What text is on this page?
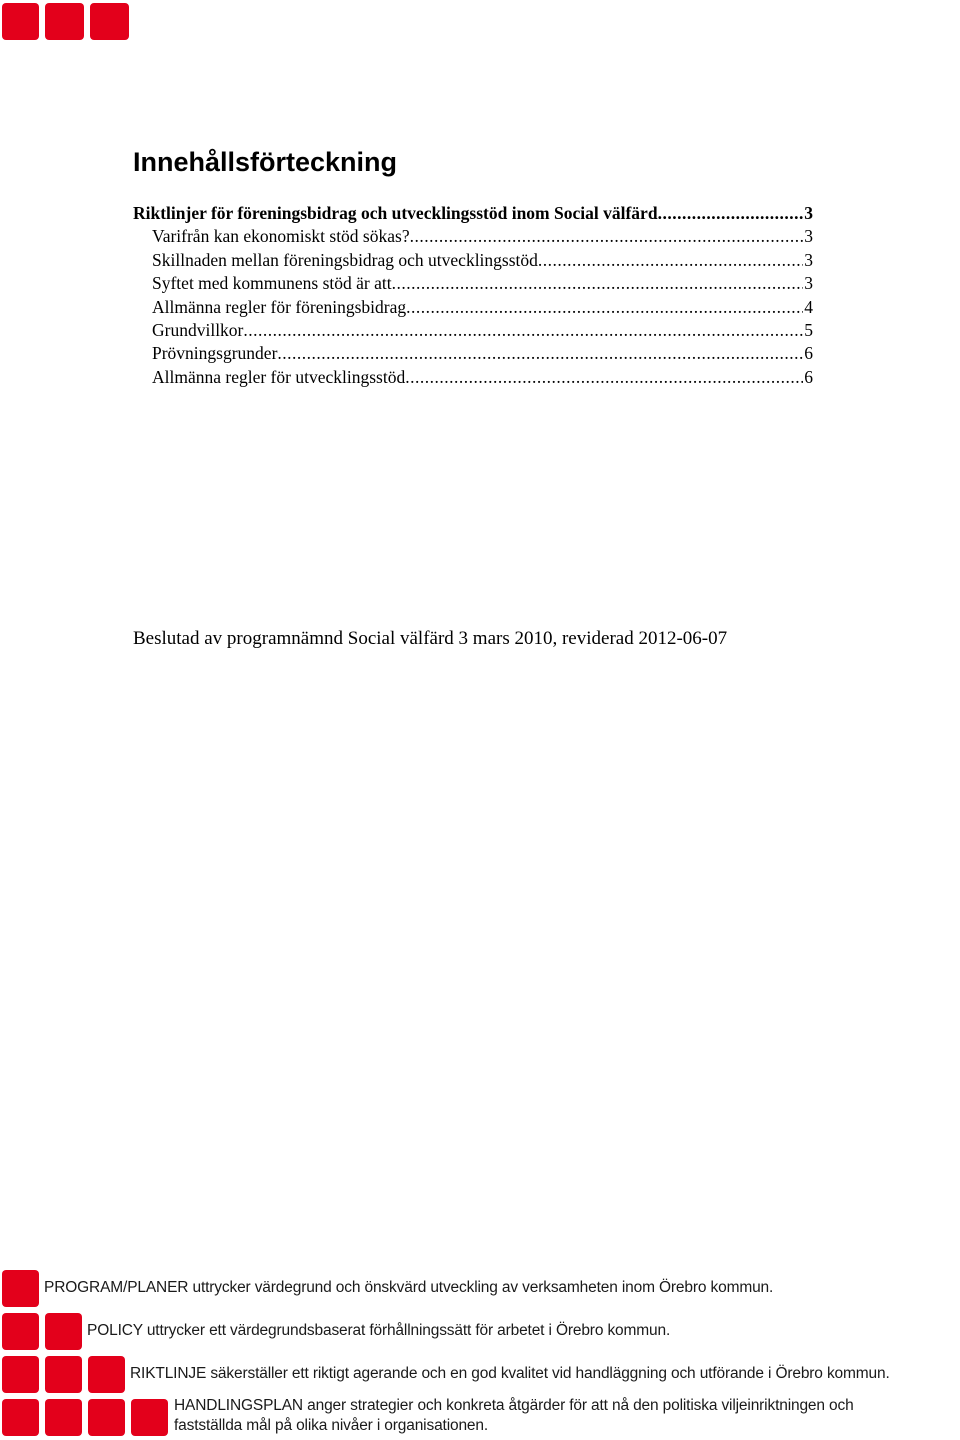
Innehållsförteckning
Riktlinjer för föreningsbidrag och utvecklingsstöd inom Social välfärd .....	3
Varifrån kan ekonomiskt stöd sökas? .....	3
Skillnaden mellan föreningsbidrag och utvecklingsstöd .....	3
Syftet med kommunens stöd är att .....	3
Allmänna regler för föreningsbidrag .....	4
Grundvillkor .....	5
Prövningsgrunder .....	6
Allmänna regler för utvecklingsstöd .....	6

Beslutad av programnämnd Social välfärd 3 mars 2010, reviderad 2012-06-07

PROGRAM/PLANER uttrycker värdegrund och önskvärd utveckling av verksamheten inom Örebro kommun.

POLICY uttrycker ett värdegrundsbaserat förhållningssätt för arbetet i Örebro kommun.

RIKTLINJE säkerställer ett riktigt agerande och en god kvalitet vid handläggning och utförande i Örebro kommun.

HANDLINGSPLAN anger strategier och konkreta åtgärder för att nå den politiska viljeinriktningen och

fastställda mål på olika nivåer i organisationen.
